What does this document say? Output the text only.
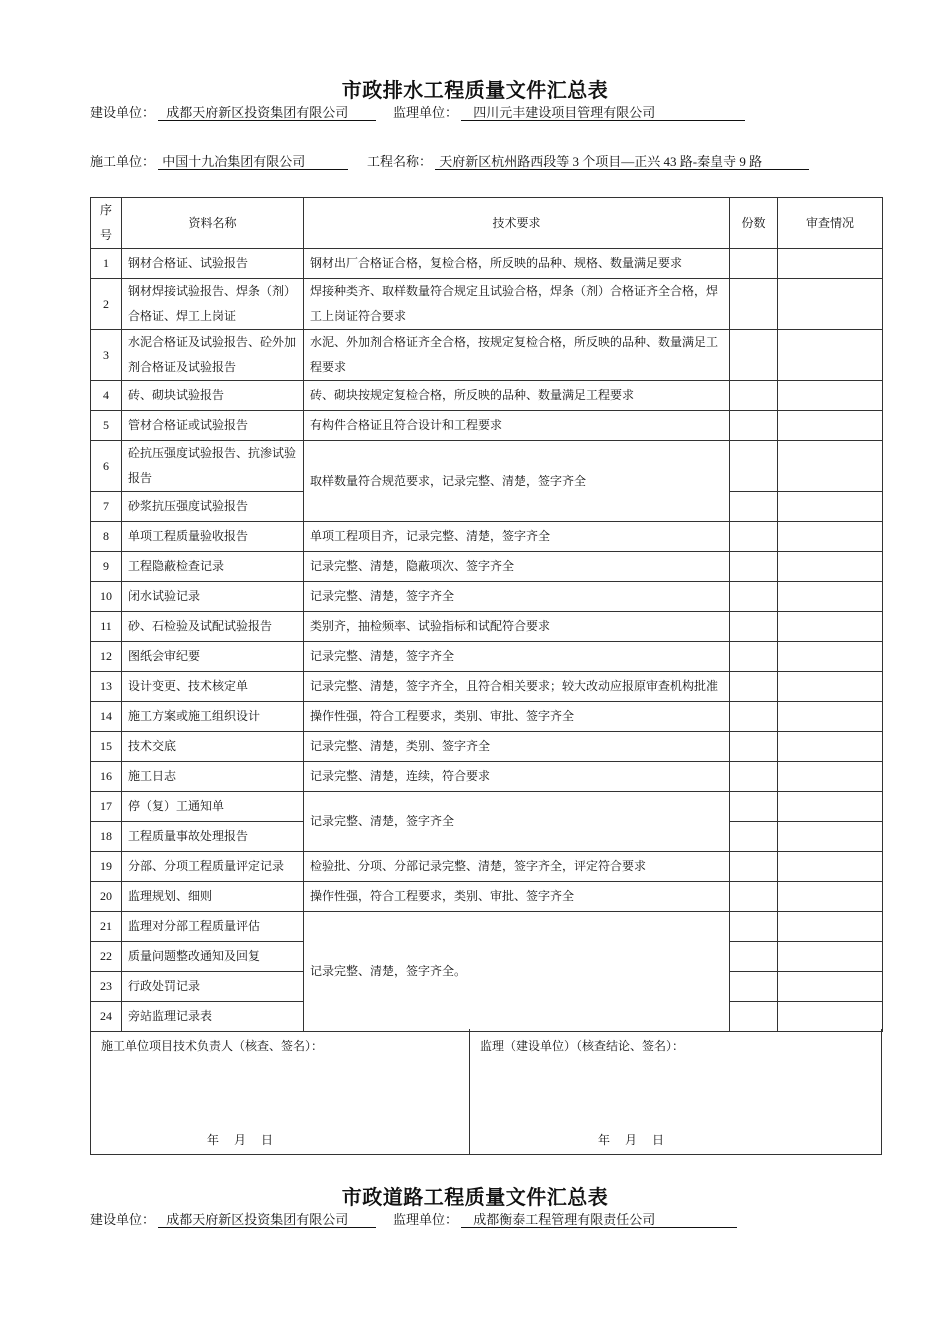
市政排水工程质量文件汇总表
建设单位： 成都天府新区投资集团有限公司	监理单位： 四川元丰建设项目管理有限公司
施工单位： 中国十九冶集团有限公司	工程名称： 天府新区杭州路西段等 3 个项目—正兴 43 路-秦皇寺 9 路
序
号	资料名称	技术要求	份数	审查情况
1	钢材合格证、试验报告	钢材出厂合格证合格，复检合格，所反映的品种、规格、数量满足要求		
2	钢材焊接试验报告、焊条（剂）合格证、焊工上岗证	焊接种类齐、取样数量符合规定且试验合格，焊条（剂）合格证齐全合格，焊工上岗证符合要求		
3	水泥合格证及试验报告、砼外加剂合格证及试验报告	水泥、外加剂合格证齐全合格，按规定复检合格，所反映的品种、数量满足工程要求		
4	砖、砌块试验报告	砖、砌块按规定复检合格，所反映的品种、数量满足工程要求		
5	管材合格证或试验报告	有构件合格证且符合设计和工程要求		
6	砼抗压强度试验报告、抗渗试验报告	取样数量符合规范要求，记录完整、清楚，签字齐全		
7	砂浆抗压强度试验报告			
8	单项工程质量验收报告	单项工程项目齐，记录完整、清楚，签字齐全		
9	工程隐蔽检查记录	记录完整、清楚，隐蔽项次、签字齐全		
10	闭水试验记录	记录完整、清楚，签字齐全		
11	砂、石检验及试配试验报告	类别齐，抽检频率、试验指标和试配符合要求		
12	图纸会审纪要	记录完整、清楚，签字齐全		
13	设计变更、技术核定单	记录完整、清楚，签字齐全，且符合相关要求；较大改动应报原审查机构批准		
14	施工方案或施工组织设计	操作性强，符合工程要求，类别、审批、签字齐全		
15	技术交底	记录完整、清楚，类别、签字齐全		
16	施工日志	记录完整、清楚，连续，符合要求		
17	停（复）工通知单	记录完整、清楚，签字齐全		
18	工程质量事故处理报告			
19	分部、分项工程质量评定记录	检验批、分项、分部记录完整、清楚，签字齐全，评定符合要求		
20	监理规划、细则	操作性强，符合工程要求，类别、审批、签字齐全		
21	监理对分部工程质量评估	记录完整、清楚，签字齐全。		
22	质量问题整改通知及回复			
23	行政处罚记录			
24	旁站监理记录表			
施工单位项目技术负责人（核查、签名）：
年 月 日
监理（建设单位）（核查结论、签名）：
年 月 日
市政道路工程质量文件汇总表
建设单位： 成都天府新区投资集团有限公司	监理单位： 成都衡泰工程管理有限责任公司
